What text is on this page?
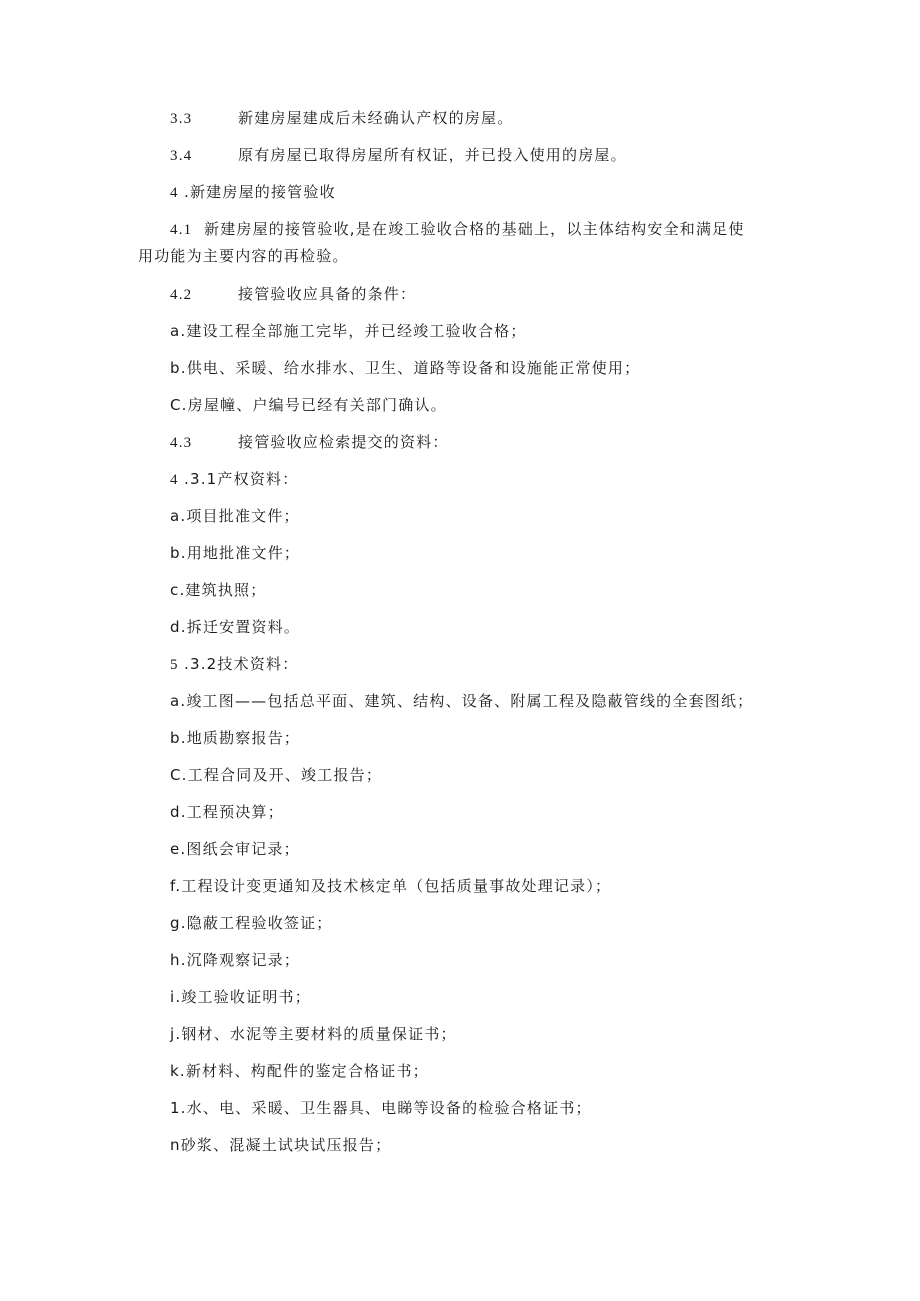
3.3	新建房屋建成后未经确认产权的房屋。
3.4	原有房屋已取得房屋所有权证，并已投入使用的房屋。
4 .新建房屋的接管验收
4.1 新建房屋的接管验收,是在竣工验收合格的基础上，以主体结构安全和满足使
用功能为主要内容的再检验。
4.2	接管验收应具备的条件：
a.建设工程全部施工完毕，并已经竣工验收合格；
b.供电、采暖、给水排水、卫生、道路等设备和设施能正常使用；
C.房屋幢、户编号已经有关部门确认。
4.3	接管验收应检索提交的资料：
4 .3.1产权资料：
a.项目批准文件；
b.用地批准文件；
c.建筑执照；
d.拆迁安置资料。
5 .3.2技术资料：
a.竣工图——包括总平面、建筑、结构、设备、附属工程及隐蔽管线的全套图纸；
b.地质勘察报告；
C.工程合同及开、竣工报告；
d.工程预决算；
e.图纸会审记录；
f.工程设计变更通知及技术核定单（包括质量事故处理记录）；
g.隐蔽工程验收签证；
h.沉降观察记录；
i.竣工验收证明书；
j.钢材、水泥等主要材料的质量保证书；
k.新材料、构配件的鉴定合格证书；
1.水、电、采暖、卫生器具、电睇等设备的检验合格证书；
n砂浆、混凝土试块试压报告；
